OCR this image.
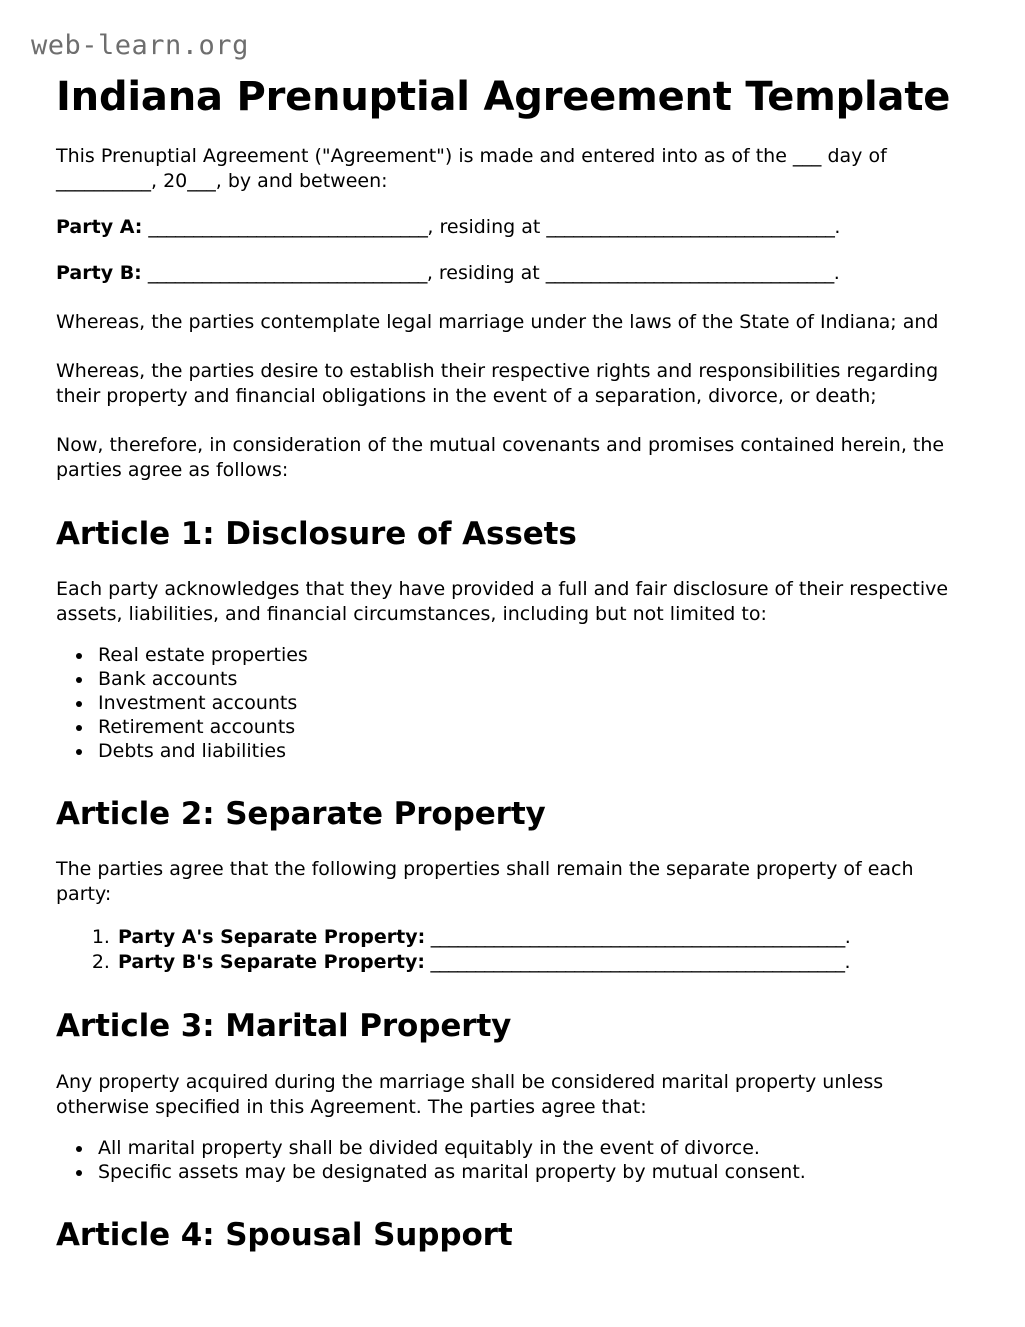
web-learn.org
Indiana Prenuptial Agreement Template

This Prenuptial Agreement ("Agreement") is made and entered into as of the ___ day of __________, 20___, by and between:

Party A: _______________________________, residing at ________________________________.

Party B: _______________________________, residing at ________________________________.

Whereas, the parties contemplate legal marriage under the laws of the State of Indiana; and

Whereas, the parties desire to establish their respective rights and responsibilities regarding their property and financial obligations in the event of a separation, divorce, or death;

Now, therefore, in consideration of the mutual covenants and promises contained herein, the parties agree as follows:

Article 1: Disclosure of Assets

Each party acknowledges that they have provided a full and fair disclosure of their respective assets, liabilities, and financial circumstances, including but not limited to:

• Real estate properties
• Bank accounts
• Investment accounts
• Retirement accounts
• Debts and liabilities
Article 2: Separate Property

The parties agree that the following properties shall remain the separate property of each party:

1. Party A's Separate Property: ______________________________________________.
2. Party B's Separate Property: ______________________________________________.
Article 3: Marital Property

Any property acquired during the marriage shall be considered marital property unless otherwise specified in this Agreement. The parties agree that:

• All marital property shall be divided equitably in the event of divorce.
• Specific assets may be designated as marital property by mutual consent.
Article 4: Spousal Support
